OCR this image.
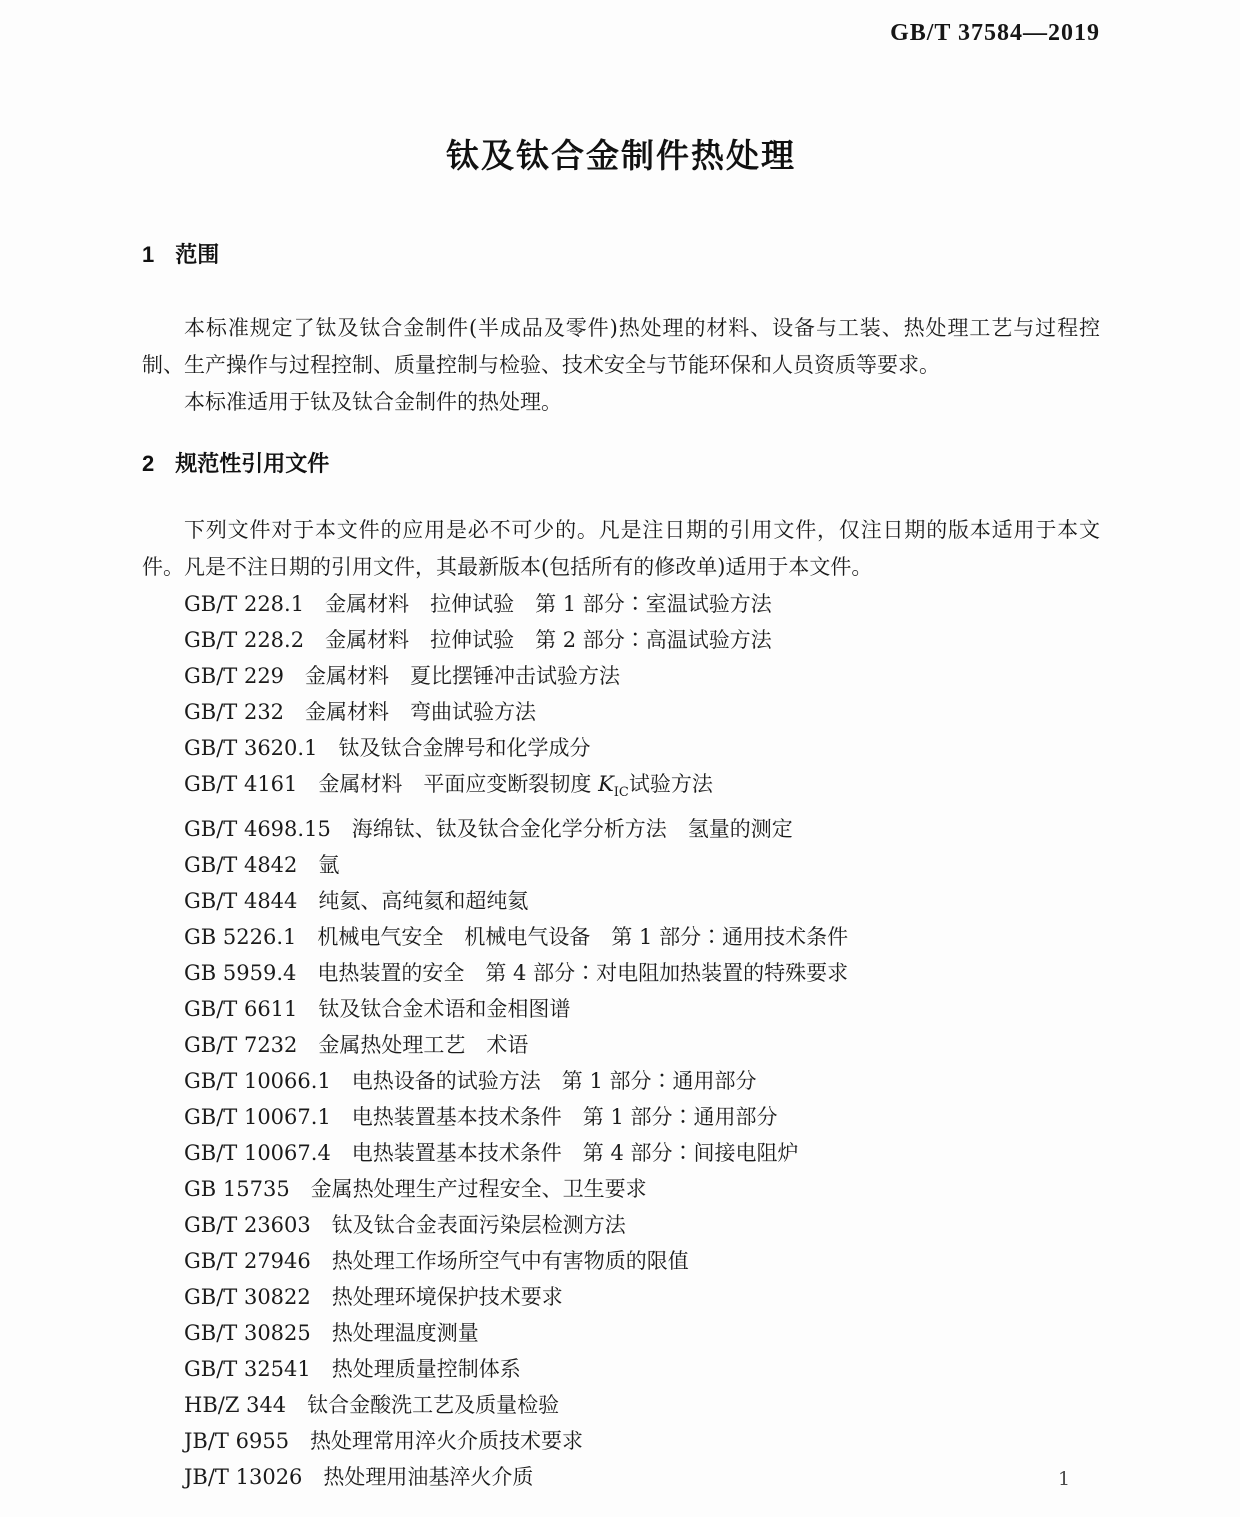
GB/T 37584—2019
钛及钛合金制件热处理
1 范围

本标准规定了钛及钛合金制件(半成品及零件)热处理的材料、设备与工装、热处理工艺与过程控制、生产操作与过程控制、质量控制与检验、技术安全与节能环保和人员资质等要求。

本标准适用于钛及钛合金制件的热处理。

2 规范性引用文件

下列文件对于本文件的应用是必不可少的。凡是注日期的引用文件，仅注日期的版本适用于本文件。凡是不注日期的引用文件，其最新版本(包括所有的修改单)适用于本文件。

GB/T 228.1　金属材料　拉伸试验　第 1 部分∶室温试验方法
GB/T 228.2　金属材料　拉伸试验　第 2 部分∶高温试验方法
GB/T 229　金属材料　夏比摆锤冲击试验方法
GB/T 232　金属材料　弯曲试验方法
GB/T 3620.1　钛及钛合金牌号和化学成分
GB/T 4161　金属材料　平面应变断裂韧度 $K_{IC}$试验方法
GB/T 4698.15　海绵钛、钛及钛合金化学分析方法　氢量的测定
GB/T 4842　氩
GB/T 4844　纯氦、高纯氦和超纯氦
GB 5226.1　机械电气安全　机械电气设备　第 1 部分∶通用技术条件
GB 5959.4　电热装置的安全　第 4 部分∶对电阻加热装置的特殊要求
GB/T 6611　钛及钛合金术语和金相图谱
GB/T 7232　金属热处理工艺　术语
GB/T 10066.1　电热设备的试验方法　第 1 部分∶通用部分
GB/T 10067.1　电热装置基本技术条件　第 1 部分∶通用部分
GB/T 10067.4　电热装置基本技术条件　第 4 部分∶间接电阻炉
GB 15735　金属热处理生产过程安全、卫生要求
GB/T 23603　钛及钛合金表面污染层检测方法
GB/T 27946　热处理工作场所空气中有害物质的限值
GB/T 30822　热处理环境保护技术要求
GB/T 30825　热处理温度测量
GB/T 32541　热处理质量控制体系
HB/Z 344　钛合金酸洗工艺及质量检验
JB/T 6955　热处理常用淬火介质技术要求
JB/T 13026　热处理用油基淬火介质	1
